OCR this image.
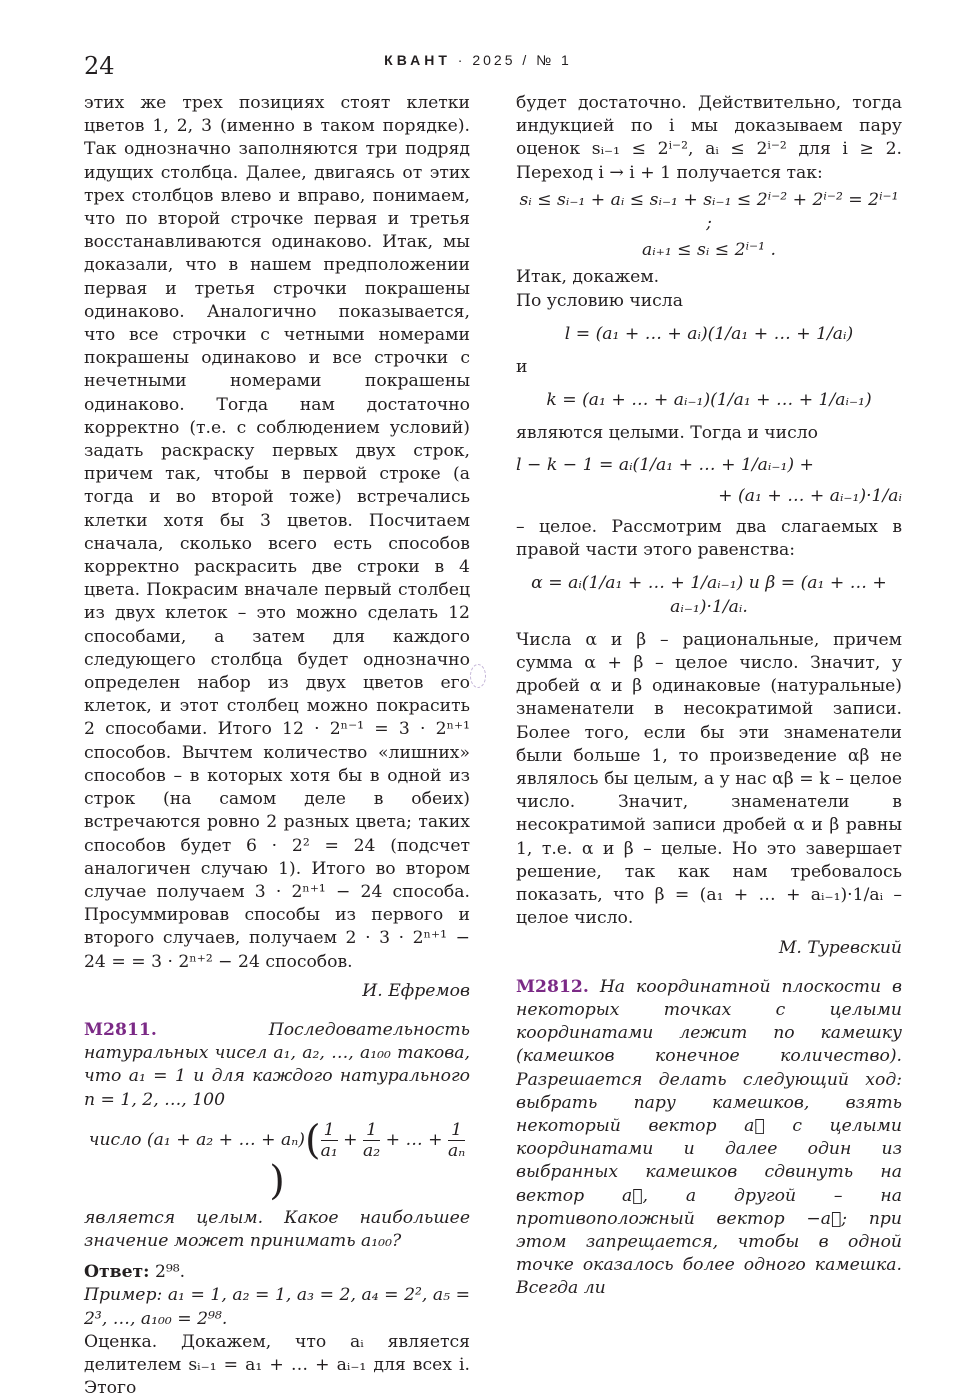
24	КВАНТ · 2025 / № 1

этих же трех позициях стоят клетки цветов 1, 2, 3 (именно в таком порядке). Так однозначно заполняются три подряд идущих столбца. Далее, двигаясь от этих трех столбцов влево и вправо, понимаем, что по второй строчке первая и третья восстанавливаются одинаково. Итак, мы доказали, что в нашем предположении первая и третья строчки покрашены одинаково. Аналогично показывается, что все строчки с четными номерами покрашены одинаково и все строчки с нечетными номерами покрашены одинаково. Тогда нам достаточно корректно (т.е. с соблюдением условий) задать раскраску первых двух строк, причем так, чтобы в первой строке (а тогда и во второй тоже) встречались клетки хотя бы 3 цветов. Посчитаем сначала, сколько всего есть способов корректно раскрасить две строки в 4 цвета. Покрасим вначале первый столбец из двух клеток – это можно сделать 12 способами, а затем для каждого следующего столбца будет однозначно определен набор из двух цветов его клеток, и этот столбец можно покрасить 2 способами. Итого 12 · 2ⁿ⁻¹ = 3 · 2ⁿ⁺¹ способов. Вычтем количество «лишних» способов – в которых хотя бы в одной из строк (на самом деле в обеих) встречаются ровно 2 разных цвета; таких способов будет 6 · 2² = 24 (подсчет аналогичен случаю 1). Итого во втором случае получаем 3 · 2ⁿ⁺¹ − 24 способа. Просуммировав способы из первого и второго случаев, получаем 2 · 3 · 2ⁿ⁺¹ − 24 = = 3 · 2ⁿ⁺² − 24 способов.

И. Ефремов
М2811.	Последовательность натуральных чисел a₁, a₂, …, a₁₀₀ такова, что a₁ = 1 и для каждого натурального n = 1, 2, …, 100
число (a₁ + a₂ + … + $a_n)( \frac{1}{\text{a₁}} + \frac{1}{\text{a₂}}$ + … + $\frac{1}{\text{aₙ}}$
)

является целым. Какое наибольшее значение может принимать a₁₀₀?

Ответ: 2⁹⁸.

Пример: a₁ = 1, a₂ = 1, a₃ = 2, a₄ = 2², a₅ = 2³, …, a₁₀₀ = 2⁹⁸.

Оценка. Докажем, что aᵢ является делителем sᵢ₋₁ = a₁ + … + aᵢ₋₁ для всех i. Этого

будет достаточно. Действительно, тогда индукцией по i мы доказываем пару оценок sᵢ₋₁ ≤ 2ⁱ⁻², aᵢ ≤ 2ⁱ⁻² для i ≥ 2. Переход i → i + 1 получается так:

sᵢ ≤ sᵢ₋₁ + aᵢ ≤ sᵢ₋₁ + sᵢ₋₁ ≤ 2ⁱ⁻² + 2ⁱ⁻² = 2ⁱ⁻¹ ;
aᵢ₊₁ ≤ sᵢ ≤ 2ⁱ⁻¹ .

Итак, докажем.

По условию числа

l = (a₁ + … + aᵢ)(1/a₁ + … + 1/aᵢ)

и

k = (a₁ + … + aᵢ₋₁)(1/a₁ + … + 1/aᵢ₋₁)

являются целыми. Тогда и число

l − k − 1 = aᵢ(1/a₁ + … + 1/aᵢ₋₁) +
+ (a₁ + … + aᵢ₋₁)·1/aᵢ

– целое. Рассмотрим два слагаемых в правой части этого равенства:

α = aᵢ(1/a₁ + … + 1/aᵢ₋₁) и β = (a₁ + … + aᵢ₋₁)·1/aᵢ.

Числа α и β – рациональные, причем сумма α + β – целое число. Значит, у дробей α и β одинаковые (натуральные) знаменатели в несократимой записи. Более того, если бы эти знаменатели были больше 1, то произведение αβ не являлось бы целым, а у нас αβ = k – целое число. Значит, знаменатели в несократимой записи дробей α и β равны 1, т.е. α и β – целые. Но это завершает решение, так как нам требовалось показать, что β = (a₁ + … + aᵢ₋₁)·1/aᵢ – целое число.

М. Туревский
М2812. На координатной плоскости в некоторых точках с целыми координатами лежит по камешку (камешков конечное количество). Разрешается делать следующий ход: выбрать пару камешков, взять некоторый вектор a⃗ с целыми координатами и далее один из выбранных камешков сдвинуть на вектор a⃗, а другой – на противоположный вектор −a⃗; при этом запрещается, чтобы в одной точке оказалось более одного камешка. Всегда ли
